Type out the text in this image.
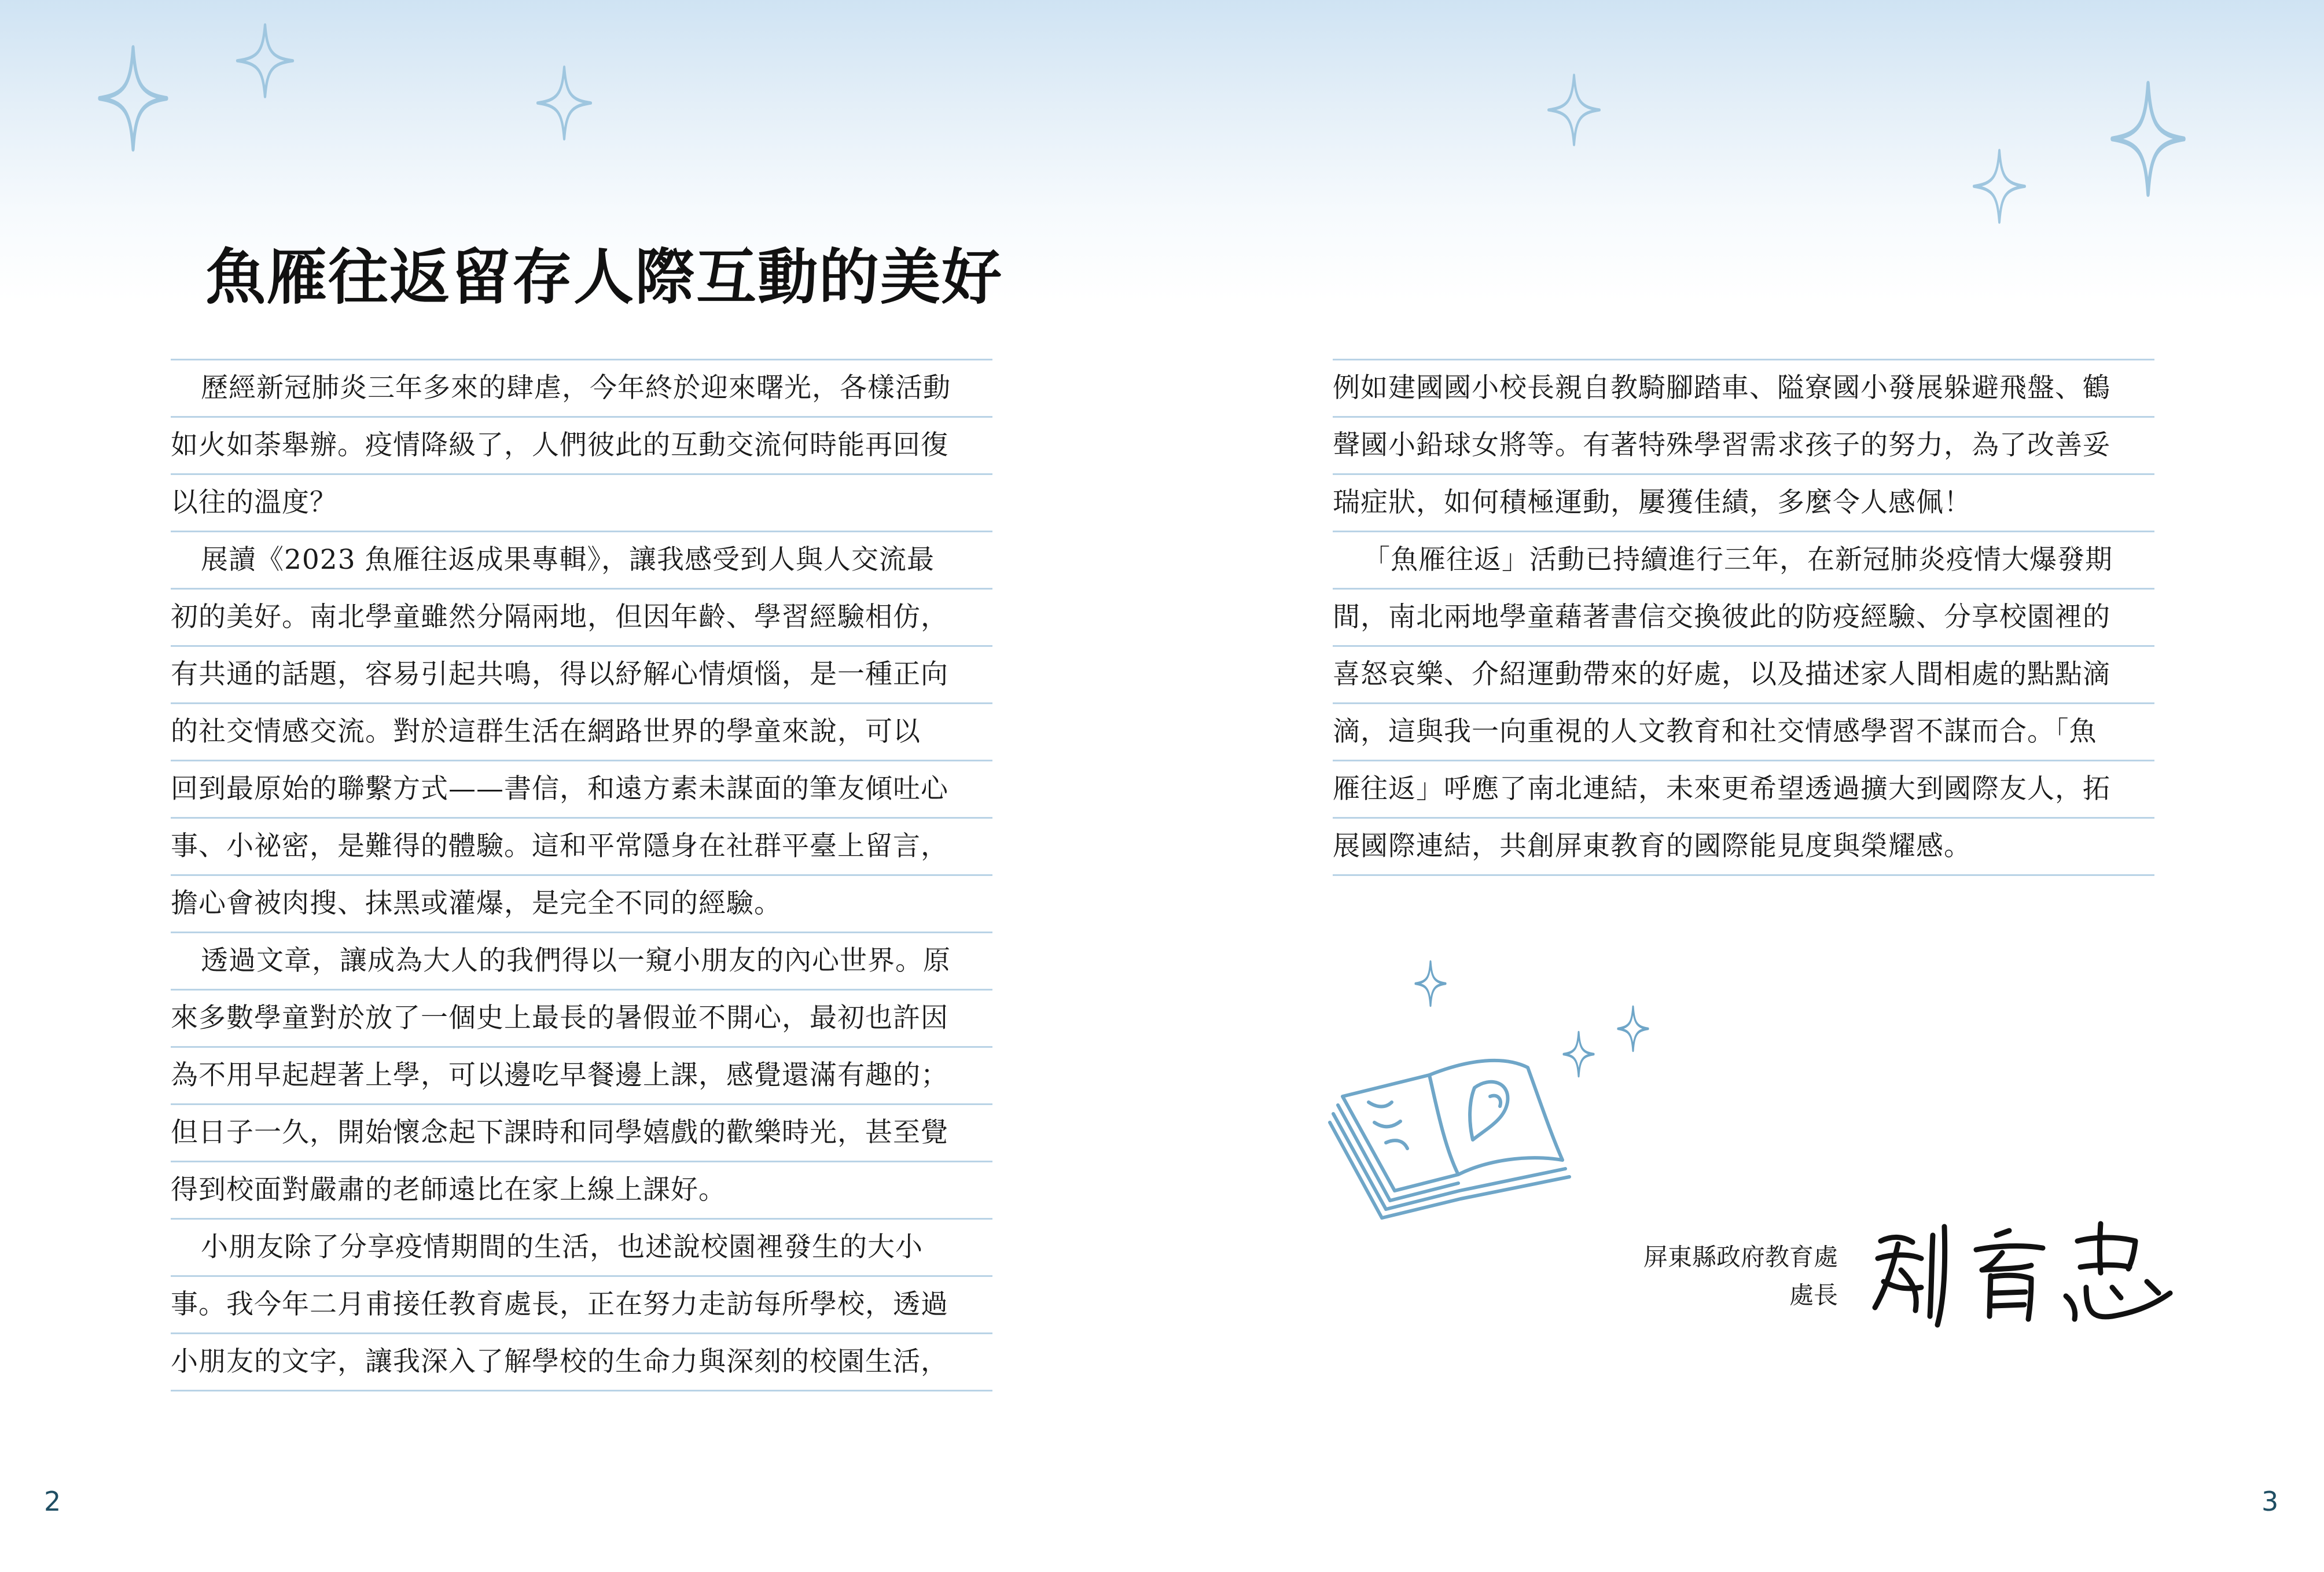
魚雁往返留存人際互動的美好
歷經新冠肺炎三年多來的肆虐，今年終於迎來曙光，各樣活動
如火如荼舉辦。疫情降級了，人們彼此的互動交流何時能再回復
以往的溫度？
展讀《2023 魚雁往返成果專輯》，讓我感受到人與人交流最
初的美好。南北學童雖然分隔兩地，但因年齡、學習經驗相仿，
有共通的話題，容易引起共鳴，得以紓解心情煩惱，是一種正向
的社交情感交流。對於這群生活在網路世界的學童來說，可以
回到最原始的聯繫方式——書信，和遠方素未謀面的筆友傾吐心
事、小祕密，是難得的體驗。這和平常隱身在社群平臺上留言，
擔心會被肉搜、抹黑或灌爆，是完全不同的經驗。
透過文章，讓成為大人的我們得以一窺小朋友的內心世界。原
來多數學童對於放了一個史上最長的暑假並不開心，最初也許因
為不用早起趕著上學，可以邊吃早餐邊上課，感覺還滿有趣的；
但日子一久，開始懷念起下課時和同學嬉戲的歡樂時光，甚至覺
得到校面對嚴肅的老師遠比在家上線上課好。
小朋友除了分享疫情期間的生活，也述說校園裡發生的大小
事。我今年二月甫接任教育處長，正在努力走訪每所學校，透過
小朋友的文字，讓我深入了解學校的生命力與深刻的校園生活，
例如建國國小校長親自教騎腳踏車、隘寮國小發展躲避飛盤、鶴
聲國小鉛球女將等。有著特殊學習需求孩子的努力，為了改善妥
瑞症狀，如何積極運動，屢獲佳績，多麼令人感佩！
「魚雁往返」活動已持續進行三年，在新冠肺炎疫情大爆發期
間，南北兩地學童藉著書信交換彼此的防疫經驗、分享校園裡的
喜怒哀樂、介紹運動帶來的好處，以及描述家人間相處的點點滴
滴，這與我一向重視的人文教育和社交情感學習不謀而合。「魚
雁往返」呼應了南北連結，未來更希望透過擴大到國際友人，拓
展國際連結，共創屏東教育的國際能見度與榮耀感。
屏東縣政府教育處
處長
2	3
